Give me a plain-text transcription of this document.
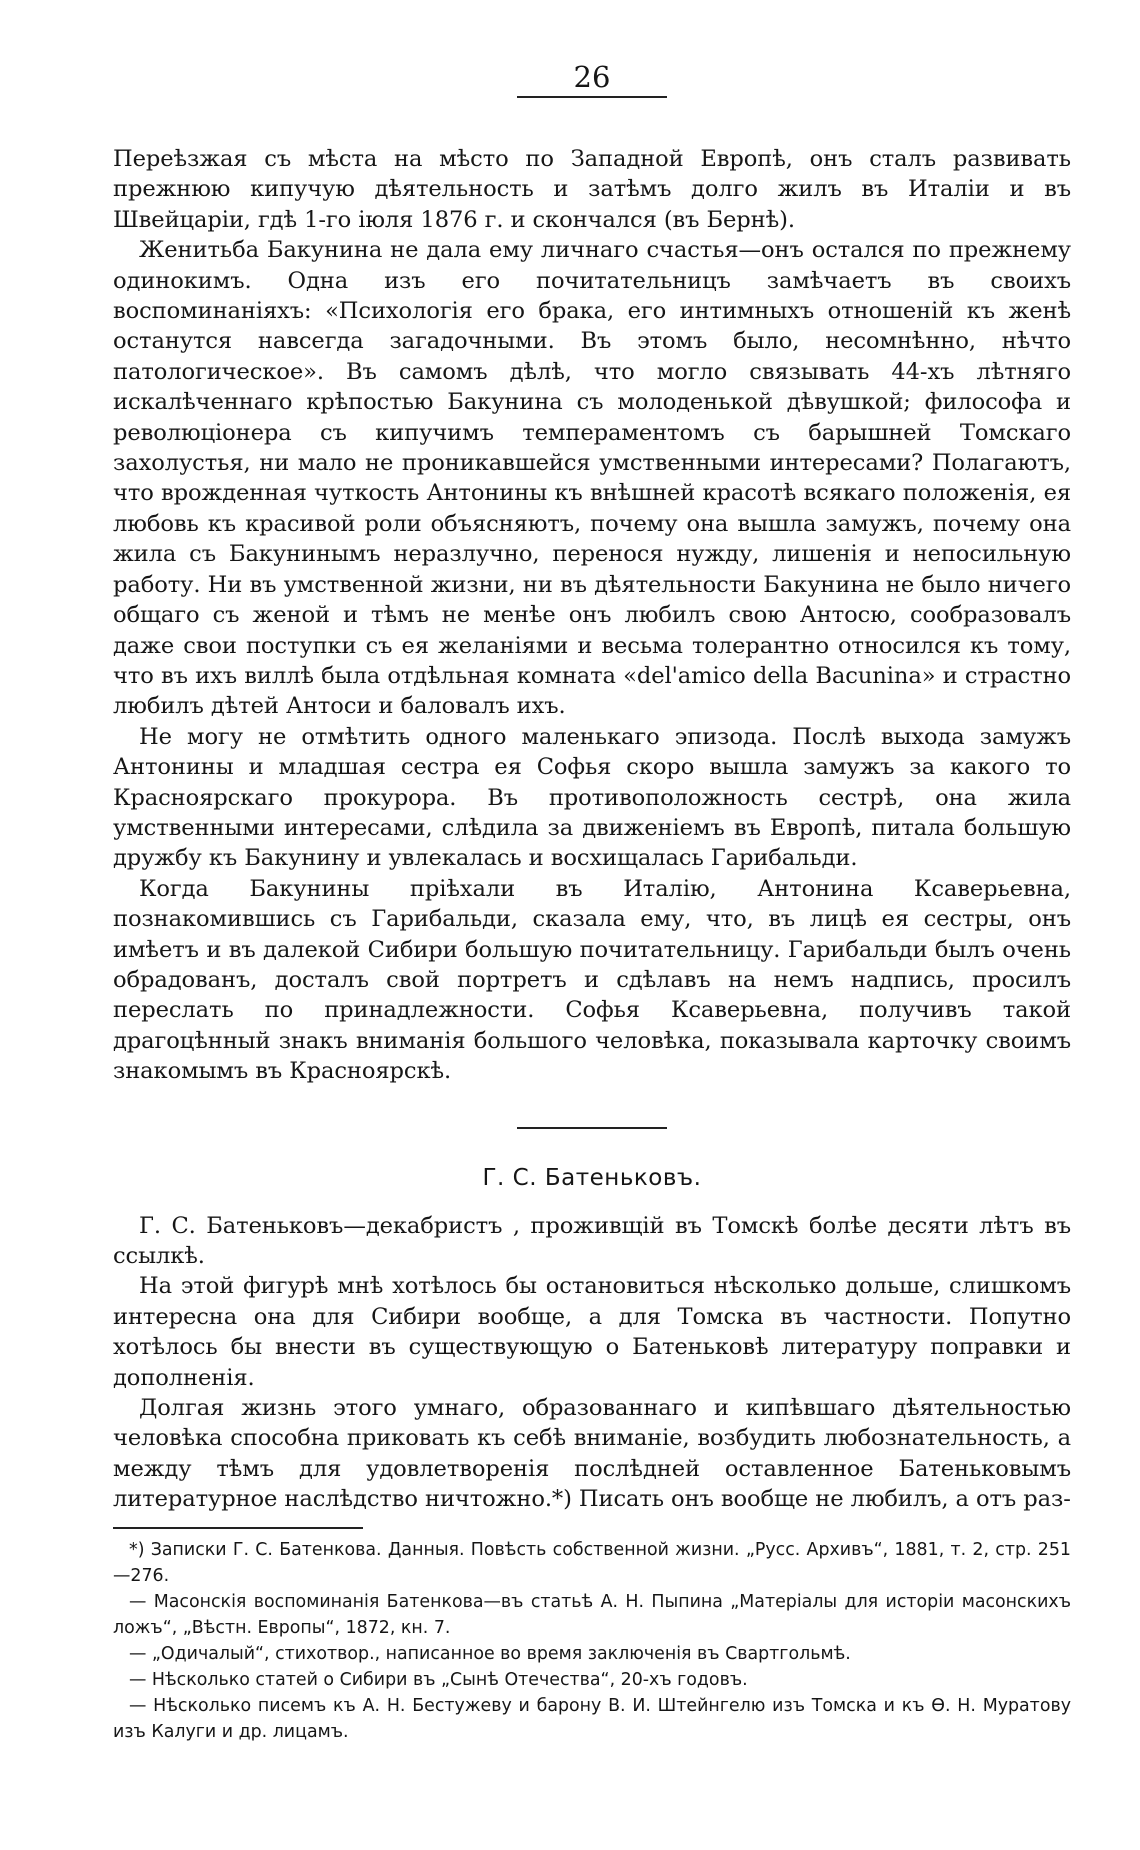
26

Переѣзжая съ мѣста на мѣсто по Западной Европѣ, онъ сталъ развивать прежнюю кипучую дѣятельность и затѣмъ долго жилъ въ Италіи и въ Швейцаріи, гдѣ 1-го іюля 1876 г. и скончался (въ Бернѣ).

Женитьба Бакунина не дала ему личнаго счастья—онъ остался по прежнему одинокимъ. Одна изъ его почитательницъ замѣчаетъ въ своихъ воспоминаніяхъ: «Психологія его брака, его интимныхъ отношеній къ женѣ останутся навсегда загадочными. Въ этомъ было, несомнѣнно, нѣчто патологическое». Въ самомъ дѣлѣ, что могло связывать 44-хъ лѣтняго искалѣченнаго крѣпостью Бакунина съ молоденькой дѣвушкой; философа и революціонера съ кипучимъ темпераментомъ съ барышней Томскаго захолустья, ни мало не проникавшейся умственными интересами? Полагаютъ, что врожденная чуткость Антонины къ внѣшней красотѣ всякаго положенія, ея любовь къ красивой роли объясняютъ, почему она вышла замужъ, почему она жила съ Бакунинымъ неразлучно, перенося нужду, лишенія и непосильную работу. Ни въ умственной жизни, ни въ дѣятельности Бакунина не было ничего общаго съ женой и тѣмъ не менѣе онъ любилъ свою Антосю, сообразовалъ даже свои поступки съ ея желаніями и весьма толерантно относился къ тому, что въ ихъ виллѣ была отдѣльная комната «del'amico della Bacunina» и страстно любилъ дѣтей Антоси и баловалъ ихъ.

Не могу не отмѣтить одного маленькаго эпизода. Послѣ выхода замужъ Антонины и младшая сестра ея Софья скоро вышла замужъ за какого то Красноярскаго прокурора. Въ противоположность сестрѣ, она жила умственными интересами, слѣдила за движеніемъ въ Европѣ, питала большую дружбу къ Бакунину и увлекалась и восхищалась Гарибальди.

Когда Бакунины пріѣхали въ Италію, Антонина Ксаверьевна, познакомившись съ Гарибальди, сказала ему, что, въ лицѣ ея сестры, онъ имѣетъ и въ далекой Сибири большую почитательницу. Гарибальди былъ очень обрадованъ, досталъ свой портретъ и сдѣлавъ на немъ надпись, просилъ переслать по принадлежности. Софья Ксаверьевна, получивъ такой драгоцѣнный знакъ вниманія большого человѣка, показывала карточку своимъ знакомымъ въ Красноярскѣ.

Г. С. Батеньковъ.

Г. С. Батеньковъ—декабристъ , проживщій въ Томскѣ болѣе десяти лѣтъ въ ссылкѣ.

На этой фигурѣ мнѣ хотѣлось бы остановиться нѣсколько дольше, слишкомъ интересна она для Сибири вообще, а для Томска въ частности. Попутно хотѣлось бы внести въ существующую о Батеньковѣ литературу поправки и дополненія.

Долгая жизнь этого умнаго, образованнаго и кипѣвшаго дѣятельностью человѣка способна приковать къ себѣ вниманіе, возбудить любознательность, а между тѣмъ для удовлетворенія послѣдней оставленное Батеньковымъ литературное наслѣдство ничтожно.*) Писать онъ вообще не любилъ, а отъ раз-

*) Записки Г. С. Батенкова. Данныя. Повѣсть собственной жизни. „Русс. Архивъ“, 1881, т. 2, стр. 251—276.

— Масонскія воспоминанія Батенкова—въ статьѣ А. Н. Пыпина „Матеріалы для исторіи масонскихъ ложъ“, „Вѣстн. Европы“, 1872, кн. 7.

— „Одичалый“, стихотвор., написанное во время заключенія въ Свартгольмѣ.

— Нѣсколько статей о Сибири въ „Сынѣ Отечества“, 20-хъ годовъ.

— Нѣсколько писемъ къ А. Н. Бестужеву и барону В. И. Штейнгелю изъ Томска и къ Ѳ. Н. Муратову изъ Калуги и др. лицамъ.
